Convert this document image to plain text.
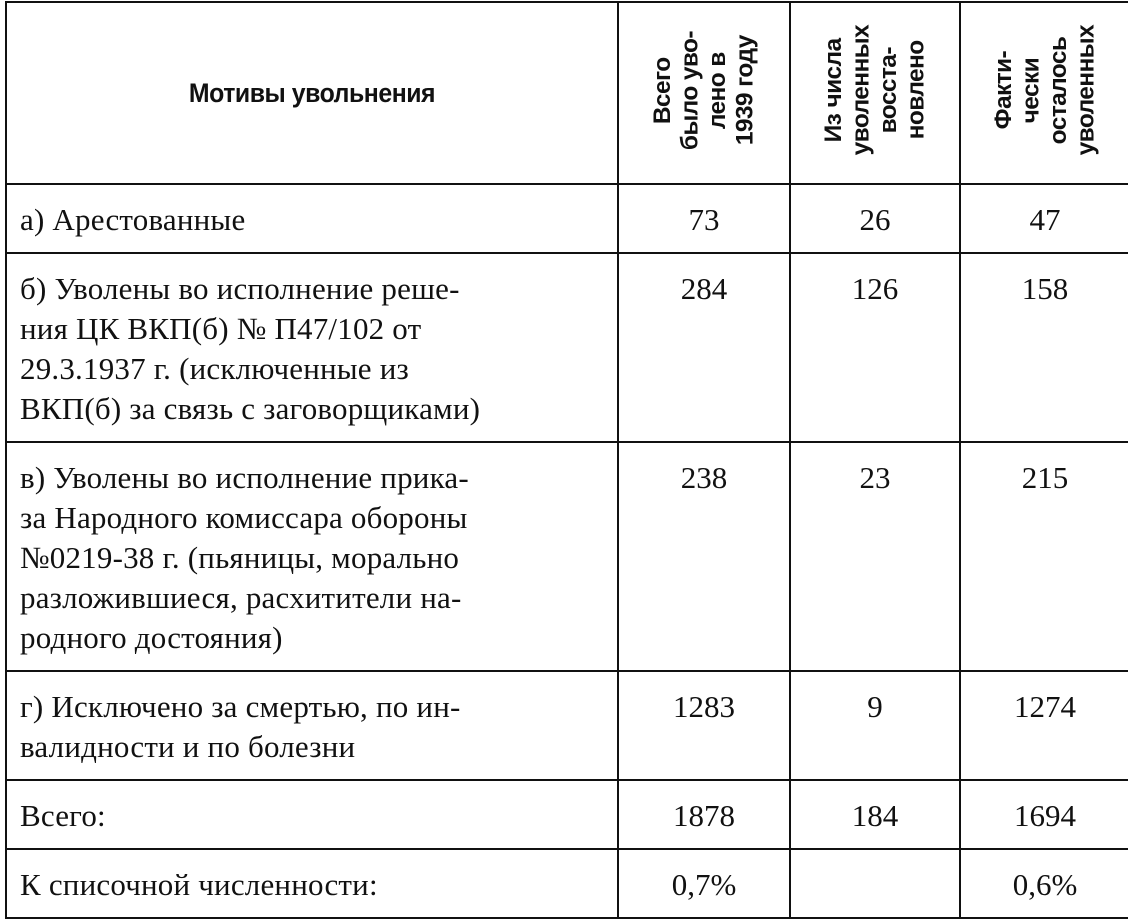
Мотивы увольнения	Всего
было уво-
лено в
1939 году	Из числа
уволенных
восста-
новлено	Факти-
чески
осталось
уволенных
а) Арестованные	73	26	47
б) Уволены во исполнение реше-
ния ЦК ВКП(б) № П47/102 от
29.3.1937 г. (исключенные из
ВКП(б) за связь с заговорщиками)	284	126	158
в) Уволены во исполнение прика-
за Народного комиссара обороны
№0219-38 г. (пьяницы, морально
разложившиеся, расхитители на-
родного достояния)	238	23	215
г) Исключено за смертью, по ин-
валидности и по болезни	1283	9	1274
Всего:	1878	184	1694
К списочной численности:	0,7%		0,6%
